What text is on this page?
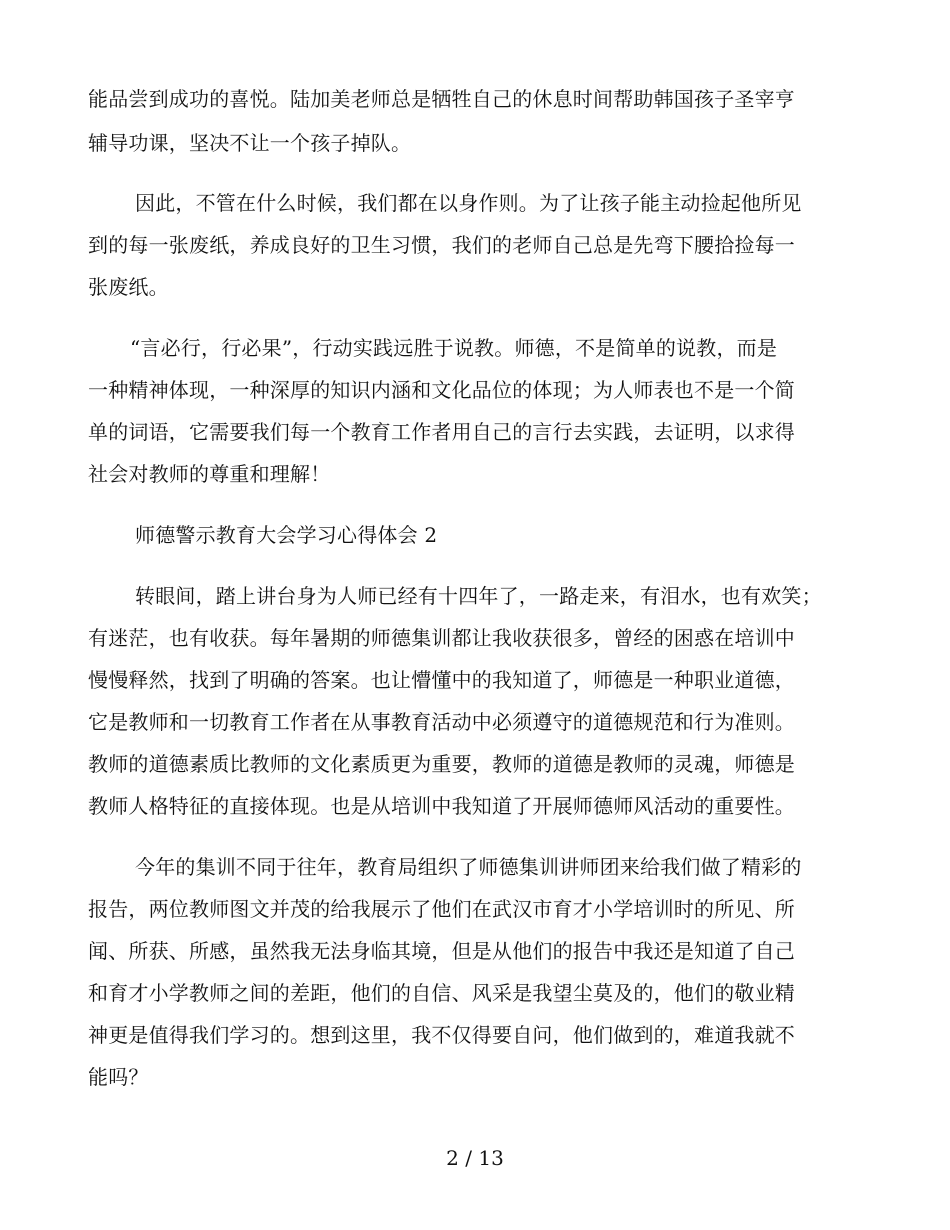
能品尝到成功的喜悦。陆加美老师总是牺牲自己的休息时间帮助韩国孩子圣宰亨
辅导功课，坚决不让一个孩子掉队。
因此，不管在什么时候，我们都在以身作则。为了让孩子能主动捡起他所见
到的每一张废纸，养成良好的卫生习惯，我们的老师自己总是先弯下腰拾捡每一
张废纸。
“言必行，行必果”，行动实践远胜于说教。师德，不是简单的说教，而是
一种精神体现，一种深厚的知识内涵和文化品位的体现；为人师表也不是一个简
单的词语，它需要我们每一个教育工作者用自己的言行去实践，去证明，以求得
社会对教师的尊重和理解！
师德警示教育大会学习心得体会 2
转眼间，踏上讲台身为人师已经有十四年了，一路走来，有泪水，也有欢笑；
有迷茫，也有收获。每年暑期的师德集训都让我收获很多，曾经的困惑在培训中
慢慢释然，找到了明确的答案。也让懵懂中的我知道了，师德是一种职业道德，
它是教师和一切教育工作者在从事教育活动中必须遵守的道德规范和行为准则。
教师的道德素质比教师的文化素质更为重要，教师的道德是教师的灵魂，师德是
教师人格特征的直接体现。也是从培训中我知道了开展师德师风活动的重要性。
今年的集训不同于往年，教育局组织了师德集训讲师团来给我们做了精彩的
报告，两位教师图文并茂的给我展示了他们在武汉市育才小学培训时的所见、所
闻、所获、所感，虽然我无法身临其境，但是从他们的报告中我还是知道了自己
和育才小学教师之间的差距，他们的自信、风采是我望尘莫及的，他们的敬业精
神更是值得我们学习的。想到这里，我不仅得要自问，他们做到的，难道我就不
能吗？
2 / 13
